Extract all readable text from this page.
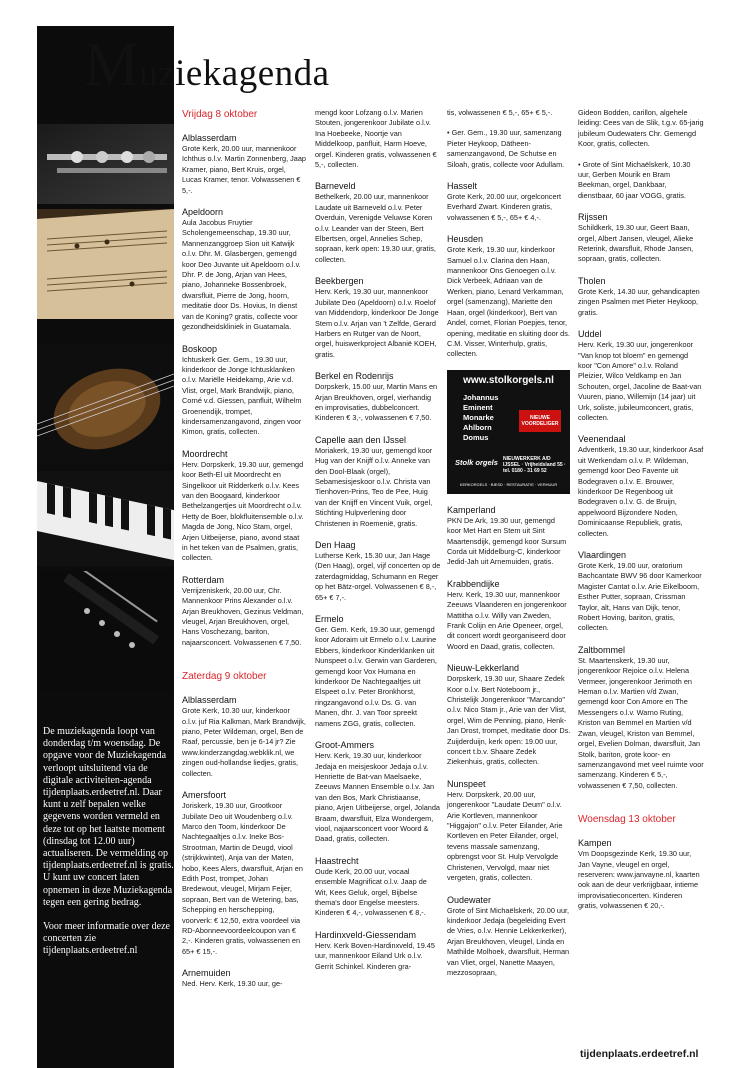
De muziekagenda loopt van donderdag t/m woensdag. De opgave voor de Muziekagenda verloopt uitsluitend via de digitale activiteiten-agenda tijdenplaats.erdeetref.nl. Daar kunt u zelf bepalen welke gegevens worden vermeld en deze tot op het laatste moment (dinsdag tot 12.00 uur) actualiseren. De vermelding op tijdenplaats.erdeetref.nl is gratis. U kunt uw concert laten opnemen in deze Muziekagenda tegen een gering bedrag.

Voor meer informatie over deze concerten zie tijdenplaats.erdeetref.nl

Muziekagenda
Vrijdag 8 oktober
Alblasserdam
Grote Kerk, 20.00 uur, mannenkoor Ichthus o.l.v. Martin Zonnenberg, Jaap Kramer, piano, Bert Kruis, orgel, Lucas Kramer, tenor. Volwassenen € 5,-.
Apeldoorn
Aula Jacobus Fruytier Scholengemeenschap, 19.30 uur, Mannenzanggroep Sion uit Katwijk o.l.v. Dhr. M. Glasbergen, gemengd koor Deo Juvante uit Apeldoorn o.l.v. Dhr. P. de Jong, Arjan van Hees, piano, Johanneke Bossenbroek, dwarsfluit, Pierre de Jong, hoorn, meditatie door Ds. Hovius, In dienst van de Koning? gratis, collecte voor gezondheidskliniek in Guatamala.
Boskoop
Ichtuskerk Ger. Gem., 19.30 uur, kinderkoor de Jonge Ichtusklanken o.l.v. Mariëlle Heidekamp, Arie v.d. Vlist, orgel, Mark Brandwijk, piano, Corné v.d. Giessen, panfluit, Wilhelm Groenendijk, trompet, kindersamenzangavond, zingen voor Kimon, gratis, collecten.
Moordrecht
Herv. Dorpskerk, 19.30 uur, gemengd koor Beth-El uit Moordrecht en Singelkoor uit Ridderkerk o.l.v. Kees van den Boogaard, kinderkoor Bethelzangertjes uit Moordrecht o.l.v. Hetty de Boer, blokfluitensemble o.l.v. Magda de Jong, Nico Stam, orgel, Arjen Uitbeijerse, piano, avond staat in het teken van de Psalmen, gratis, collecten.
Rotterdam
Verrijzeniskerk, 20.00 uur, Chr. Mannenkoor Prins Alexander o.l.v. Arjan Breukhoven, Gezinus Veldman, vleugel, Arjan Breukhoven, orgel, Hans Voschezang, bariton, najaarsconcert. Volwassenen € 7,50.
Zaterdag 9 oktober
Alblasserdam
Grote Kerk, 10.30 uur, kinderkoor o.l.v. juf Ria Kalkman, Mark Brandwijk, piano, Peter Wildeman, orgel, Ben de Raaf, percussie, ben je 6-14 jr? Zie www.kinderzangdag.webklik.nl, we zingen oud-hollandse liedjes, gratis, collecten.
Amersfoort
Joriskerk, 19.30 uur, Grootkoor Jubilate Deo uit Woudenberg o.l.v. Marco den Toom, kinderkoor De Nachtegaaltjes o.l.v. Ineke Bos-Strootman, Martin de Deugd, viool (strijkkwintet), Anja van der Maten, hobo, Kees Alers, dwarsfluit, Arjan en Edith Post, trompet, Johan Bredewout, vleugel, Mirjam Feijer, sopraan, Bert van de Wetering, bas, Schepping en herschepping, voorverk: € 12,50, extra voordeel via RD-Abonneevoordeelcoupon van € 2,-. Kinderen gratis, volwassenen en 65+ € 15,-.
Arnemuiden
Ned. Herv. Kerk, 19.30 uur, ge-
mengd koor Lofzang o.l.v. Marien Stouten, jongerenkoor Jubilate o.l.v. Ina Hoebeeke, Noortje van Middelkoop, panfluit, Harm Hoeve, orgel. Kinderen gratis, volwassenen € 5,-, collecten.
Barneveld
Bethelkerk, 20.00 uur, mannenkoor Laudate uit Barneveld o.l.v. Peter Overduin, Verenigde Veluwse Koren o.l.v. Leander van der Steen, Bert Elbertsen, orgel, Annelies Schep, sopraan, kerk open: 19.30 uur, gratis, collecten.
Beekbergen
Herv. Kerk, 19.30 uur, mannenkoor Jubilate Deo (Apeldoorn) o.l.v. Roelof van Middendorp, kinderkoor De Jonge Stem o.l.v. Arjan van 't Zelfde, Gerard Harbers en Rutger van de Noort, orgel, huiswerkproject Albanië KOEH, gratis.
Berkel en Rodenrijs
Dorpskerk, 15.00 uur, Martin Mans en Arjan Breukhoven, orgel, vierhandig en improvisaties, dubbelconcert. Kinderen € 3,-, volwassenen € 7,50.
Capelle aan den IJssel
Moriakerk, 19.30 uur, gemengd koor Hug van der Knijff o.l.v. Anneke van den Dool-Blaak (orgel), Sebamesisjeskoor o.l.v. Christa van Tienhoven-Prins, Teo de Pee, Huig van der Knijff en Vincent Vuik, orgel, Stichting Hulpverlening door Christenen in Roemenië, gratis.
Den Haag
Lutherse Kerk, 15.30 uur, Jan Hage (Den Haag), orgel, vijf concerten op de zaterdagmiddag, Schumann en Reger op het Bätz-orgel. Volwassenen € 8,-, 65+ € 7,-.
Ermelo
Ger. Gem. Kerk, 19.30 uur, gemengd koor Adoraim uit Ermelo o.l.v. Laurine Ebbers, kinderkoor Kinderklanken uit Nunspeet o.l.v. Gerwin van Garderen, gemengd koor Vox Humana en kinderkoor De Nachtegaaltjes uit Elspeet o.l.v. Peter Bronkhorst, ringzangavond o.l.v. Ds. G. van Manen, dhr. J. van Toor spreekt namens ZGG, gratis, collecten.
Groot-Ammers
Herv. Kerk, 19.30 uur, kinderkoor Jedaja en meisjeskoor Jedaja o.l.v. Henriette de Bat-van Maelsaeke, Zeeuws Mannen Ensemble o.l.v. Jan van den Bos, Mark Christiaanse, piano, Arjen Uitbeijerse, orgel, Jolanda Braam, dwarsfluit, Elza Wondergem, viool, najaarsconcert voor Woord & Daad, gratis, collecten.
Haastrecht
Oude Kerk, 20.00 uur, vocaal ensemble Magnificat o.l.v. Jaap de Wit, Kees Geluk, orgel, Bijbelse thema's door Engelse meesters. Kinderen € 4,-, volwassenen € 8,-.
Hardinxveld-Giessendam
Herv. Kerk Boven-Hardinxveld, 19.45 uur, mannenkoor Eiland Urk o.l.v. Gerrit Schinkel. Kinderen gra-
tis, volwassenen € 5,-, 65+ € 5,-.
• Ger. Gem., 19.30 uur, samenzang Pieter Heykoop, Dätheen-samenzangavond, De Schutse en Siloah, gratis, collecte voor Adullam.
Hasselt
Grote Kerk, 20.00 uur, orgelconcert Everhard Zwart. Kinderen gratis, volwassenen € 5,-, 65+ € 4,-.
Heusden
Grote Kerk, 19.30 uur, kinderkoor Samuel o.l.v. Clarina den Haan, mannenkoor Ons Genoegen o.l.v. Dick Verbeek, Adriaan van de Werken, piano, Lenard Verkamman, orgel (samenzang), Mariette den Haan, orgel (kinderkoor), Bert van Andel, cornet, Florian Poepjes, tenor, opening, meditatie en sluiting door ds. C.M. Visser, Winterhulp, gratis, collecten.
www.stolkorgels.nl
Johannus
Eminent
Monarke
Ahlborn
Domus
NIEUWE VOORDELIGER
Stolk orgels NIEUWERKERK A/D IJSSEL · Vrijheidsland 55 · tel. 0180 - 31 69 52
KERKORGELS · BIESD · RESTAURATIE · VERHUUR
Kamperland
PKN De Ark, 19.30 uur, gemengd koor Met Hart en Stem uit Sint Maartensdijk, gemengd koor Sursum Corda uit Middelburg-C, kinderkoor Jedid-Jah uit Arnemuiden, gratis.
Krabbendijke
Herv. Kerk, 19.30 uur, mannenkoor Zeeuws Vlaanderen en jongerenkoor Mattitha o.l.v. Willy van Zweden, Frank Colijn en Arie Openeer, orgel, dit concert wordt georganiseerd door Woord en Daad, gratis, collecten.
Nieuw-Lekkerland
Dorpskerk, 19.30 uur, Shaare Zedek Koor o.l.v. Bert Noteboom jr., Christelijk Jongerenkoor "Marcando" o.l.v. Nico Stam jr., Arie van der Vlist, orgel, Wim de Penning, piano, Henk-Jan Drost, trompet, meditatie door Ds. Zuijderduijn, kerk open: 19.00 uur, concert t.b.v. Shaare Zedek Ziekenhuis, gratis, collecten.
Nunspeet
Herv. Dorpskerk, 20.00 uur, jongerenkoor "Laudate Deum" o.l.v. Arie Kortleven, mannenkoor "Higgajon" o.l.v. Peter Eilander, Arie Kortleven en Peter Eilander, orgel, tevens massale samenzang, opbrengst voor St. Hulp Vervolgde Christenen, Vervolgd, maar niet vergeten, gratis, collecten.
Oudewater
Grote of Sint Michaëlskerk, 20.00 uur, kinderkoor Jedaja (begeleiding Evert de Vries, o.l.v. Hennie Lekkerkerker), Arjan Breukhoven, vleugel, Linda en Mathilde Molhoek, dwarsfluit, Herman van Vliet, orgel, Nanette Maayen, mezzosopraan,
Gideon Bodden, carillon, algehele leiding: Cees van de Slik, t.g.v. 65-jarig jubileum Oudewaters Chr. Gemengd Koor, gratis, collecten.
• Grote of Sint Michaëlskerk, 10.30 uur, Gerben Mourik en Bram Beekman, orgel, Dankbaar, dienstbaar, 60 jaar VOGG, gratis.
Rijssen
Schildkerk, 19.30 uur, Geert Baan, orgel, Albert Jansen, vleugel, Alieke Reterink, dwarsfluit, Rhode Jansen, sopraan, gratis, collecten.
Tholen
Grote Kerk, 14.30 uur, gehandicapten zingen Psalmen met Pieter Heykoop, gratis.
Uddel
Herv. Kerk, 19.30 uur, jongerenkoor "Van knop tot bloem" en gemengd koor "Con Amore" o.l.v. Roland Pleizier, Wilco Veldkamp en Jan Schouten, orgel, Jacoline de Baat-van Vuuren, piano, Willemijn (14 jaar) uit Urk, soliste, jubileumconcert, gratis, collecten.
Veenendaal
Adventkerk, 19.30 uur, kinderkoor Asaf uit Werkendam o.l.v. P. Wildeman, gemengd koor Deo Favente uit Bodegraven o.l.v. E. Brouwer, kinderkoor De Regenboog uit Bodegraven o.l.v. G. de Bruijn, appelwoord Bijzondere Noden, Dominicaanse Republiek, gratis, collecten.
Vlaardingen
Grote Kerk, 19.00 uur, oratorium Bachcantate BWV 96 door Kamerkoor Magister Cantat o.l.v. Arie Eikelboom, Esther Putter, sopraan, Crissman Taylor, alt, Hans van Dijk, tenor, Robert Hoving, bariton, gratis, collecten.
Zaltbommel
St. Maartenskerk, 19.30 uur, jongerenkoor Rejoice o.l.v. Helena Vermeer, jongerenkoor Jerimoth en Heman o.l.v. Martien v/d Zwan, gemengd koor Con Amore en The Messengers o.l.v. Warno Ruting, Kriston van Bemmel en Martien v/d Zwan, vleugel, Kriston van Bemmel, orgel, Evelien Dolman, dwarsfluit, Jan Stolk, bariton, grote koor- en samenzangavond met veel ruimte voor samenzang. Kinderen € 5,-, volwassenen € 7,50, collecten.
Woensdag 13 oktober
Kampen
Vm Doopsgezinde Kerk, 19.30 uur, Jan Vayne, vleugel en orgel, reserveren: www.janvayne.nl, kaarten ook aan de deur verkrijgbaar, intieme improvisatieconcerten. Kinderen gratis, volwassenen € 20,-.
tijdenplaats.erdeetref.nl
